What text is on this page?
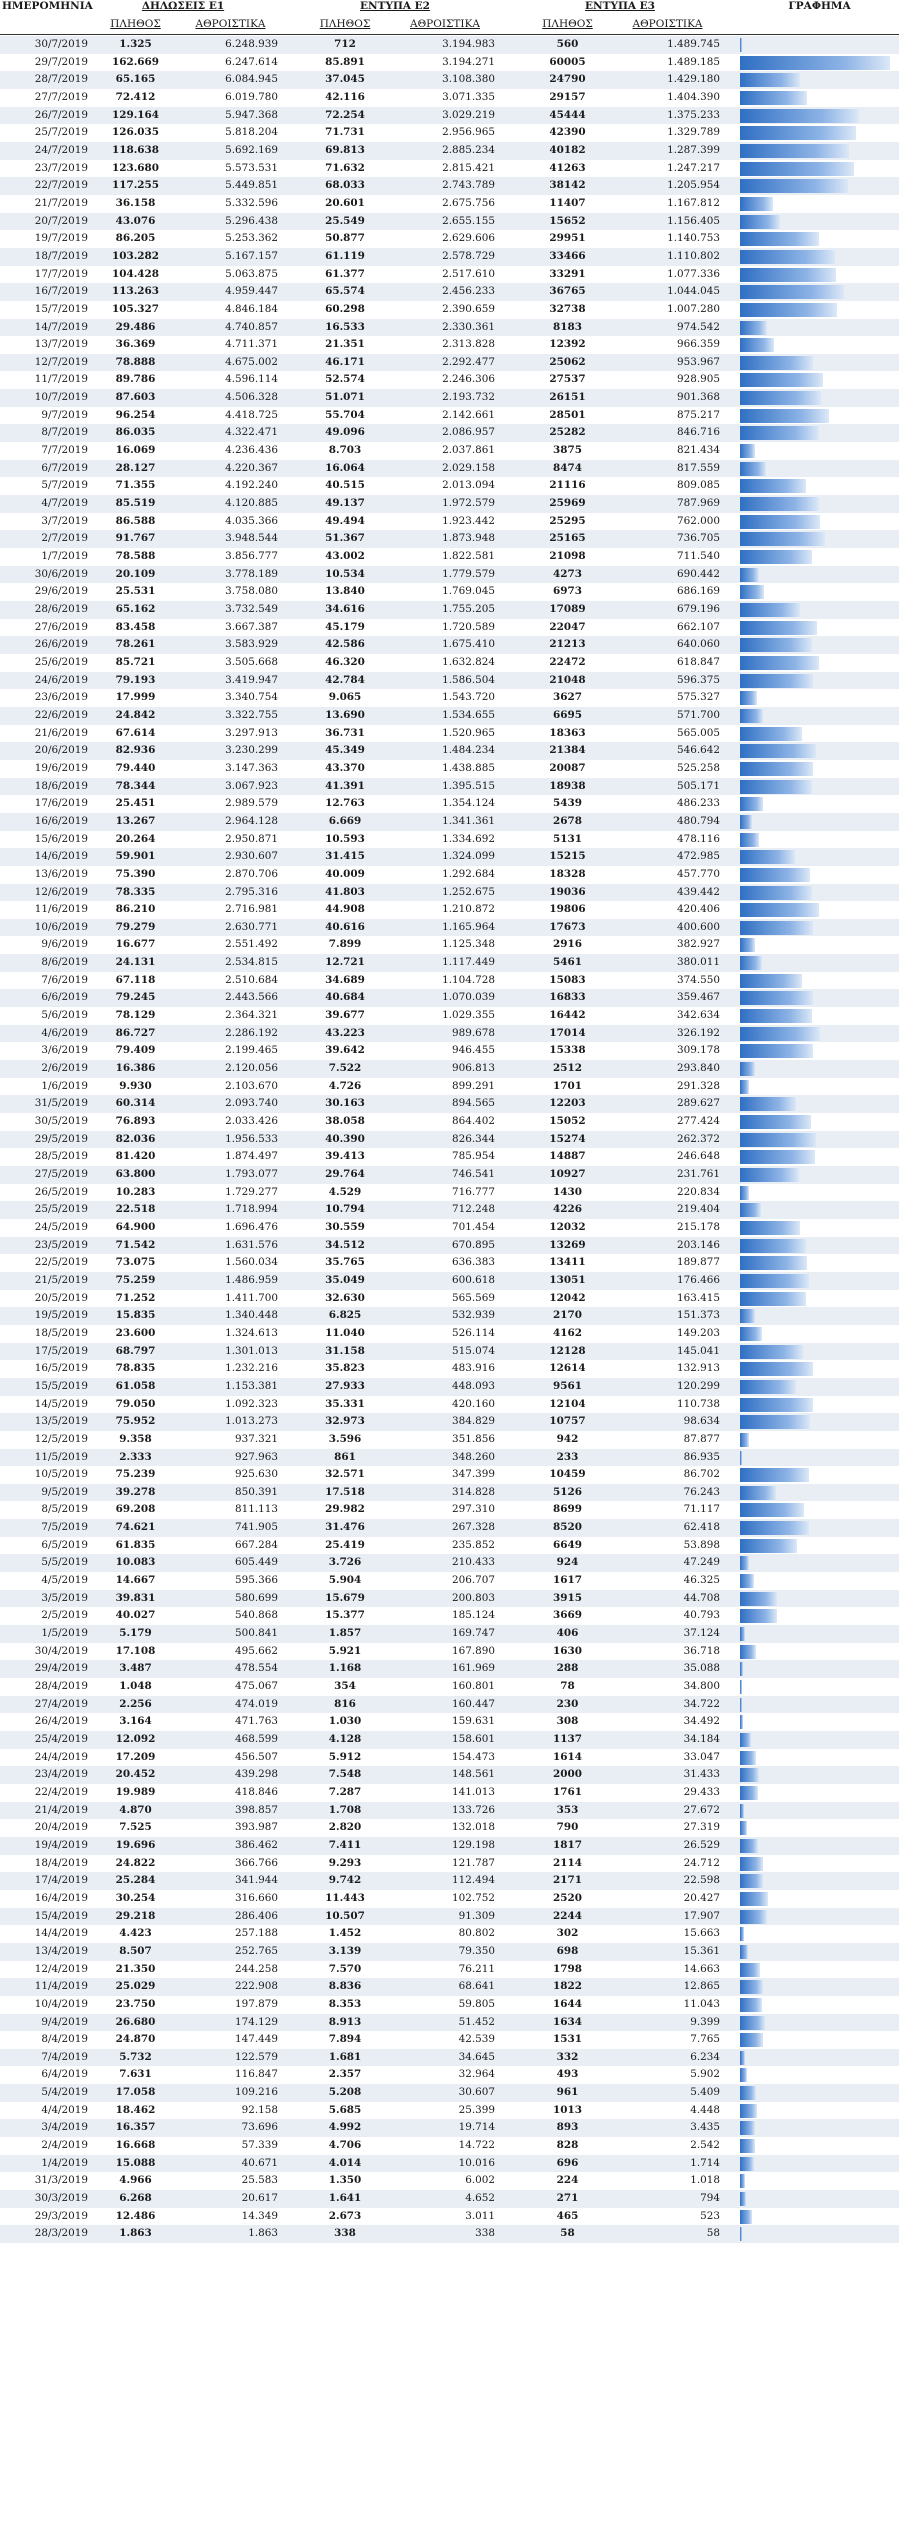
ΗΜΕΡΟΜΗΝΙΑ	ΔΗΛΩΣΕΙΣ Ε1	ΕΝΤΥΠΑ Ε2	ΕΝΤΥΠΑ Ε3	ΓΡΑΦΗΜΑ
ΠΛΗΘΟΣ	ΑΘΡΟΙΣΤΙΚΑ	ΠΛΗΘΟΣ	ΑΘΡΟΙΣΤΙΚΑ	ΠΛΗΘΟΣ	ΑΘΡΟΙΣΤΙΚΑ
30/7/2019	1.325	6.248.939	712	3.194.983	560	1.489.745
29/7/2019	162.669	6.247.614	85.891	3.194.271	60005	1.489.185
28/7/2019	65.165	6.084.945	37.045	3.108.380	24790	1.429.180
27/7/2019	72.412	6.019.780	42.116	3.071.335	29157	1.404.390
26/7/2019	129.164	5.947.368	72.254	3.029.219	45444	1.375.233
25/7/2019	126.035	5.818.204	71.731	2.956.965	42390	1.329.789
24/7/2019	118.638	5.692.169	69.813	2.885.234	40182	1.287.399
23/7/2019	123.680	5.573.531	71.632	2.815.421	41263	1.247.217
22/7/2019	117.255	5.449.851	68.033	2.743.789	38142	1.205.954
21/7/2019	36.158	5.332.596	20.601	2.675.756	11407	1.167.812
20/7/2019	43.076	5.296.438	25.549	2.655.155	15652	1.156.405
19/7/2019	86.205	5.253.362	50.877	2.629.606	29951	1.140.753
18/7/2019	103.282	5.167.157	61.119	2.578.729	33466	1.110.802
17/7/2019	104.428	5.063.875	61.377	2.517.610	33291	1.077.336
16/7/2019	113.263	4.959.447	65.574	2.456.233	36765	1.044.045
15/7/2019	105.327	4.846.184	60.298	2.390.659	32738	1.007.280
14/7/2019	29.486	4.740.857	16.533	2.330.361	8183	974.542
13/7/2019	36.369	4.711.371	21.351	2.313.828	12392	966.359
12/7/2019	78.888	4.675.002	46.171	2.292.477	25062	953.967
11/7/2019	89.786	4.596.114	52.574	2.246.306	27537	928.905
10/7/2019	87.603	4.506.328	51.071	2.193.732	26151	901.368
9/7/2019	96.254	4.418.725	55.704	2.142.661	28501	875.217
8/7/2019	86.035	4.322.471	49.096	2.086.957	25282	846.716
7/7/2019	16.069	4.236.436	8.703	2.037.861	3875	821.434
6/7/2019	28.127	4.220.367	16.064	2.029.158	8474	817.559
5/7/2019	71.355	4.192.240	40.515	2.013.094	21116	809.085
4/7/2019	85.519	4.120.885	49.137	1.972.579	25969	787.969
3/7/2019	86.588	4.035.366	49.494	1.923.442	25295	762.000
2/7/2019	91.767	3.948.544	51.367	1.873.948	25165	736.705
1/7/2019	78.588	3.856.777	43.002	1.822.581	21098	711.540
30/6/2019	20.109	3.778.189	10.534	1.779.579	4273	690.442
29/6/2019	25.531	3.758.080	13.840	1.769.045	6973	686.169
28/6/2019	65.162	3.732.549	34.616	1.755.205	17089	679.196
27/6/2019	83.458	3.667.387	45.179	1.720.589	22047	662.107
26/6/2019	78.261	3.583.929	42.586	1.675.410	21213	640.060
25/6/2019	85.721	3.505.668	46.320	1.632.824	22472	618.847
24/6/2019	79.193	3.419.947	42.784	1.586.504	21048	596.375
23/6/2019	17.999	3.340.754	9.065	1.543.720	3627	575.327
22/6/2019	24.842	3.322.755	13.690	1.534.655	6695	571.700
21/6/2019	67.614	3.297.913	36.731	1.520.965	18363	565.005
20/6/2019	82.936	3.230.299	45.349	1.484.234	21384	546.642
19/6/2019	79.440	3.147.363	43.370	1.438.885	20087	525.258
18/6/2019	78.344	3.067.923	41.391	1.395.515	18938	505.171
17/6/2019	25.451	2.989.579	12.763	1.354.124	5439	486.233
16/6/2019	13.267	2.964.128	6.669	1.341.361	2678	480.794
15/6/2019	20.264	2.950.871	10.593	1.334.692	5131	478.116
14/6/2019	59.901	2.930.607	31.415	1.324.099	15215	472.985
13/6/2019	75.390	2.870.706	40.009	1.292.684	18328	457.770
12/6/2019	78.335	2.795.316	41.803	1.252.675	19036	439.442
11/6/2019	86.210	2.716.981	44.908	1.210.872	19806	420.406
10/6/2019	79.279	2.630.771	40.616	1.165.964	17673	400.600
9/6/2019	16.677	2.551.492	7.899	1.125.348	2916	382.927
8/6/2019	24.131	2.534.815	12.721	1.117.449	5461	380.011
7/6/2019	67.118	2.510.684	34.689	1.104.728	15083	374.550
6/6/2019	79.245	2.443.566	40.684	1.070.039	16833	359.467
5/6/2019	78.129	2.364.321	39.677	1.029.355	16442	342.634
4/6/2019	86.727	2.286.192	43.223	989.678	17014	326.192
3/6/2019	79.409	2.199.465	39.642	946.455	15338	309.178
2/6/2019	16.386	2.120.056	7.522	906.813	2512	293.840
1/6/2019	9.930	2.103.670	4.726	899.291	1701	291.328
31/5/2019	60.314	2.093.740	30.163	894.565	12203	289.627
30/5/2019	76.893	2.033.426	38.058	864.402	15052	277.424
29/5/2019	82.036	1.956.533	40.390	826.344	15274	262.372
28/5/2019	81.420	1.874.497	39.413	785.954	14887	246.648
27/5/2019	63.800	1.793.077	29.764	746.541	10927	231.761
26/5/2019	10.283	1.729.277	4.529	716.777	1430	220.834
25/5/2019	22.518	1.718.994	10.794	712.248	4226	219.404
24/5/2019	64.900	1.696.476	30.559	701.454	12032	215.178
23/5/2019	71.542	1.631.576	34.512	670.895	13269	203.146
22/5/2019	73.075	1.560.034	35.765	636.383	13411	189.877
21/5/2019	75.259	1.486.959	35.049	600.618	13051	176.466
20/5/2019	71.252	1.411.700	32.630	565.569	12042	163.415
19/5/2019	15.835	1.340.448	6.825	532.939	2170	151.373
18/5/2019	23.600	1.324.613	11.040	526.114	4162	149.203
17/5/2019	68.797	1.301.013	31.158	515.074	12128	145.041
16/5/2019	78.835	1.232.216	35.823	483.916	12614	132.913
15/5/2019	61.058	1.153.381	27.933	448.093	9561	120.299
14/5/2019	79.050	1.092.323	35.331	420.160	12104	110.738
13/5/2019	75.952	1.013.273	32.973	384.829	10757	98.634
12/5/2019	9.358	937.321	3.596	351.856	942	87.877
11/5/2019	2.333	927.963	861	348.260	233	86.935
10/5/2019	75.239	925.630	32.571	347.399	10459	86.702
9/5/2019	39.278	850.391	17.518	314.828	5126	76.243
8/5/2019	69.208	811.113	29.982	297.310	8699	71.117
7/5/2019	74.621	741.905	31.476	267.328	8520	62.418
6/5/2019	61.835	667.284	25.419	235.852	6649	53.898
5/5/2019	10.083	605.449	3.726	210.433	924	47.249
4/5/2019	14.667	595.366	5.904	206.707	1617	46.325
3/5/2019	39.831	580.699	15.679	200.803	3915	44.708
2/5/2019	40.027	540.868	15.377	185.124	3669	40.793
1/5/2019	5.179	500.841	1.857	169.747	406	37.124
30/4/2019	17.108	495.662	5.921	167.890	1630	36.718
29/4/2019	3.487	478.554	1.168	161.969	288	35.088
28/4/2019	1.048	475.067	354	160.801	78	34.800
27/4/2019	2.256	474.019	816	160.447	230	34.722
26/4/2019	3.164	471.763	1.030	159.631	308	34.492
25/4/2019	12.092	468.599	4.128	158.601	1137	34.184
24/4/2019	17.209	456.507	5.912	154.473	1614	33.047
23/4/2019	20.452	439.298	7.548	148.561	2000	31.433
22/4/2019	19.989	418.846	7.287	141.013	1761	29.433
21/4/2019	4.870	398.857	1.708	133.726	353	27.672
20/4/2019	7.525	393.987	2.820	132.018	790	27.319
19/4/2019	19.696	386.462	7.411	129.198	1817	26.529
18/4/2019	24.822	366.766	9.293	121.787	2114	24.712
17/4/2019	25.284	341.944	9.742	112.494	2171	22.598
16/4/2019	30.254	316.660	11.443	102.752	2520	20.427
15/4/2019	29.218	286.406	10.507	91.309	2244	17.907
14/4/2019	4.423	257.188	1.452	80.802	302	15.663
13/4/2019	8.507	252.765	3.139	79.350	698	15.361
12/4/2019	21.350	244.258	7.570	76.211	1798	14.663
11/4/2019	25.029	222.908	8.836	68.641	1822	12.865
10/4/2019	23.750	197.879	8.353	59.805	1644	11.043
9/4/2019	26.680	174.129	8.913	51.452	1634	9.399
8/4/2019	24.870	147.449	7.894	42.539	1531	7.765
7/4/2019	5.732	122.579	1.681	34.645	332	6.234
6/4/2019	7.631	116.847	2.357	32.964	493	5.902
5/4/2019	17.058	109.216	5.208	30.607	961	5.409
4/4/2019	18.462	92.158	5.685	25.399	1013	4.448
3/4/2019	16.357	73.696	4.992	19.714	893	3.435
2/4/2019	16.668	57.339	4.706	14.722	828	2.542
1/4/2019	15.088	40.671	4.014	10.016	696	1.714
31/3/2019	4.966	25.583	1.350	6.002	224	1.018
30/3/2019	6.268	20.617	1.641	4.652	271	794
29/3/2019	12.486	14.349	2.673	3.011	465	523
28/3/2019	1.863	1.863	338	338	58	58
